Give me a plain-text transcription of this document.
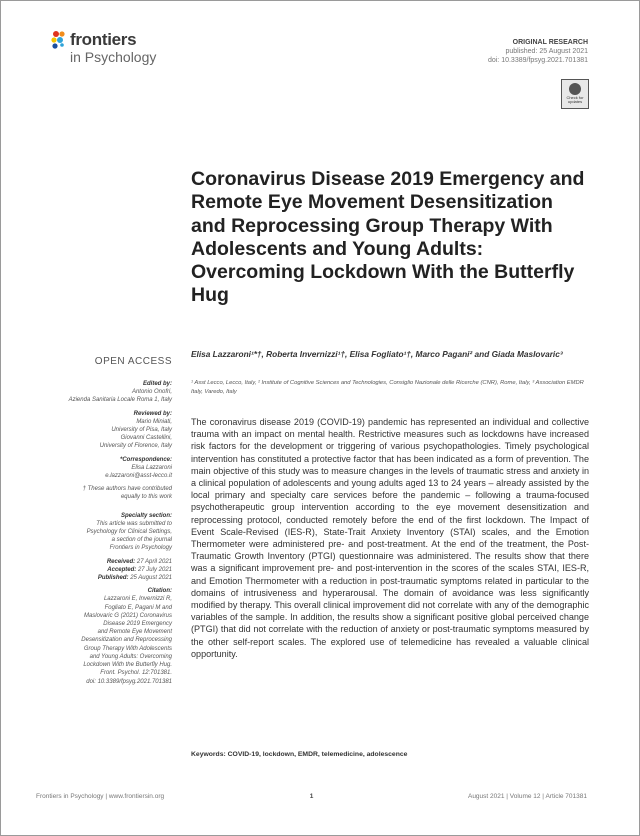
frontiers
in Psychology
ORIGINAL RESEARCH
published: 25 August 2021
doi: 10.3389/fpsyg.2021.701381
Check for
updates
Coronavirus Disease 2019 Emergency and Remote Eye Movement Desensitization and Reprocessing Group Therapy With Adolescents and Young Adults: Overcoming Lockdown With the Butterfly Hug
Elisa Lazzaroni¹*†, Roberta Invernizzi¹†, Elisa Fogliato¹†, Marco Pagani² and Giada Maslovaric³
¹ Asst Lecco, Lecco, Italy, ² Institute of Cognitive Sciences and Technologies, Consiglio Nazionale delle Ricerche (CNR), Rome, Italy, ³ Association EMDR Italy, Varedo, Italy
OPEN ACCESS
Edited by:
Antonio Onofri,
Azienda Sanitaria Locale Roma 1, Italy
Reviewed by:
Mario Miniati,
University of Pisa, Italy
Giovanni Castellini,
University of Florence, Italy
*Correspondence:
Elisa Lazzaroni
e.lazzaroni@asst-lecco.it
† These authors have contributed
equally to this work
Specialty section:
This article was submitted to
Psychology for Clinical Settings,
a section of the journal
Frontiers in Psychology
Received: 27 April 2021
Accepted: 27 July 2021
Published: 25 August 2021
Citation:
Lazzaroni E, Invernizzi R,
Fogliato E, Pagani M and
Maslovaric G (2021) Coronavirus
Disease 2019 Emergency
and Remote Eye Movement
Desensitization and Reprocessing
Group Therapy With Adolescents
and Young Adults: Overcoming
Lockdown With the Butterfly Hug.
Front. Psychol. 12:701381.
doi: 10.3389/fpsyg.2021.701381
The coronavirus disease 2019 (COVID-19) pandemic has represented an individual and collective trauma with an impact on mental health. Restrictive measures such as lockdowns have increased risk factors for the development or triggering of various psychopathologies. Timely psychological intervention has constituted a protective factor that has been indicated as a form of prevention. The main objective of this study was to measure changes in the levels of traumatic stress and anxiety in a clinical population of adolescents and young adults aged 13 to 24 years – already assisted by the local primary and specialty care services before the pandemic – following a trauma-focused psychotherapeutic group intervention according to the eye movement desensitization and reprocessing protocol, conducted remotely before the end of the first lockdown. The Impact of Event Scale-Revised (IES-R), State-Trait Anxiety Inventory (STAI) scales, and the Emotion Thermometer were administered pre- and post-treatment. At the end of the treatment, the Post-Traumatic Growth Inventory (PTGI) questionnaire was administered. The results show that there was a significant improvement pre- and post-intervention in the scores of the scales STAI, IES-R, and Emotion Thermometer with a reduction in post-traumatic symptoms related in particular to the domains of intrusiveness and hyperarousal. The domain of avoidance was less significantly modified by therapy. This overall clinical improvement did not correlate with any of the demographic variables of the sample. In addition, the results show a significant positive global perceived change (PTGI) that did not correlate with the reduction of anxiety or post-traumatic symptoms measured by the other self-report scales. The explored use of telemedicine has revealed a valuable clinical opportunity.
Keywords: COVID-19, lockdown, EMDR, telemedicine, adolescence
Frontiers in Psychology | www.frontiersin.org	1	August 2021 | Volume 12 | Article 701381
